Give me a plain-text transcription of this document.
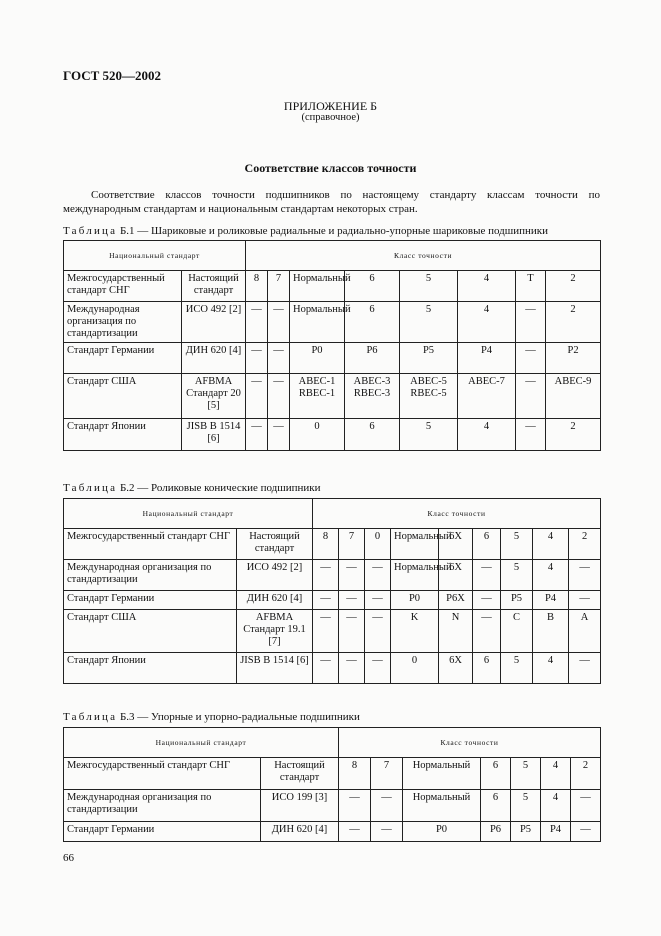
ГОСТ 520—2002
ПРИЛОЖЕНИЕ Б
(справочное)
Соответствие классов точности
Соответствие классов точности подшипников по настоящему стандарту классам точности по международным стандартам и национальным стандартам некоторых стран.
Таблица Б.1 — Шариковые и роликовые радиальные и радиально-упорные шариковые подшипники
Национальный стандарт		Класс точности							
Межгосударственный стандарт СНГ	Настоящий стандарт	8	7	Нормальный	6	5	4	T	2
Международная организация по стандартизации	ИСО 492 [2]	—	—	Нормальный	6	5	4	—	2
Стандарт Германии	ДИН 620 [4]	—	—	P0	P6	P5	P4	—	P2
Стандарт США	AFBMA Стандарт 20 [5]	—	—	ABEC-1 RBEC-1	ABEC-3 RBEC-3	ABEC-5 RBEC-5	ABEC-7	—	ABEC-9
Стандарт Японии	JISB В 1514 [6]	—	—	0	6	5	4	—	2
Таблица Б.2 — Роликовые конические подшипники
Национальный стандарт		Класс точности								
Межгосударственный стандарт СНГ	Настоящий стандарт	8	7	0	Нормальный	6X	6	5	4	2
Международная организация по стандартизации	ИСО 492 [2]	—	—	—	Нормальный	6X	—	5	4	—
Стандарт Германии	ДИН 620 [4]	—	—	—	P0	P6X	—	P5	P4	—
Стандарт США	AFBMA Стандарт 19.1 [7]	—	—	—	K	N	—	C	B	A
Стандарт Японии	JISB В 1514 [6]	—	—	—	0	6X	6	5	4	—
Таблица Б.3 — Упорные и упорно-радиальные подшипники
Национальный стандарт		Класс точности						
Межгосударственный стандарт СНГ	Настоящий стандарт	8	7	Нормальный	6	5	4	2
Международная организация по стандартизации	ИСО 199 [3]	—	—	Нормальный	6	5	4	—
Стандарт Германии	ДИН 620 [4]	—	—	P0	P6	P5	P4	—
66
